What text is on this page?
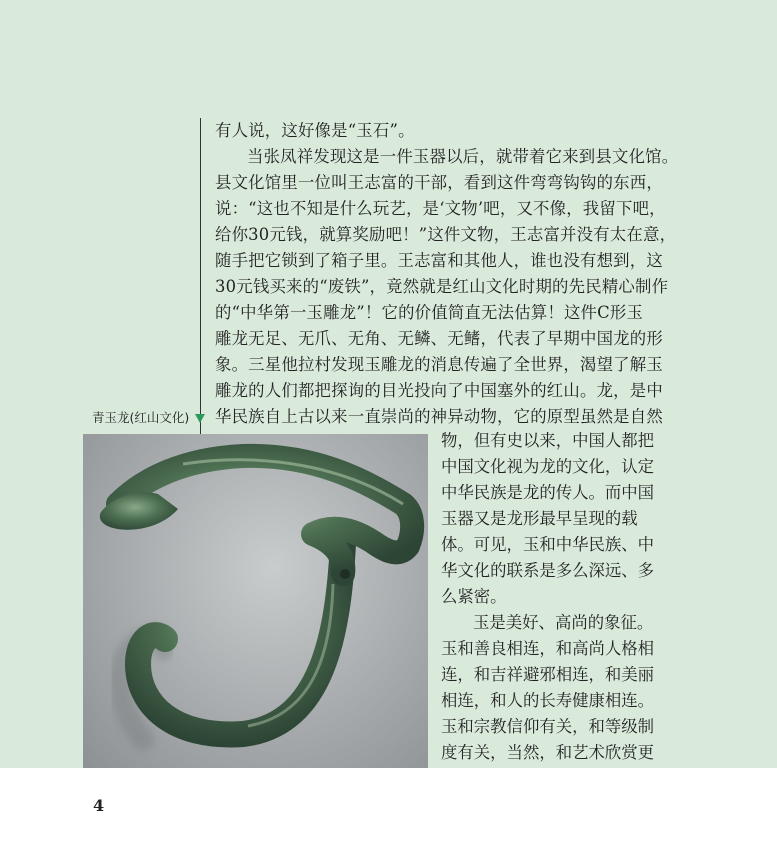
有人说，这好像是“玉石”。
当张凤祥发现这是一件玉器以后，就带着它来到县文化馆。
县文化馆里一位叫王志富的干部，看到这件弯弯钩钩的东西，
说：“这也不知是什么玩艺，是‘文物’吧，又不像，我留下吧，
给你30元钱，就算奖励吧！”这件文物，王志富并没有太在意，
随手把它锁到了箱子里。王志富和其他人，谁也没有想到，这
30元钱买来的“废铁”，竟然就是红山文化时期的先民精心制作
的“中华第一玉雕龙”！它的价值简直无法估算！这件C形玉
雕龙无足、无爪、无角、无鳞、无鳍，代表了早期中国龙的形
象。三星他拉村发现玉雕龙的消息传遍了全世界，渴望了解玉
雕龙的人们都把探询的目光投向了中国塞外的红山。龙，是中
华民族自上古以来一直崇尚的神异动物，它的原型虽然是自然
青玉龙(红山文化)
物，但有史以来，中国人都把
中国文化视为龙的文化，认定
中华民族是龙的传人。而中国
玉器又是龙形最早呈现的载
体。可见，玉和中华民族、中
华文化的联系是多么深远、多
么紧密。
玉是美好、高尚的象征。
玉和善良相连，和高尚人格相
连，和吉祥避邪相连，和美丽
相连，和人的长寿健康相连。
玉和宗教信仰有关，和等级制
度有关，当然，和艺术欣赏更
4
